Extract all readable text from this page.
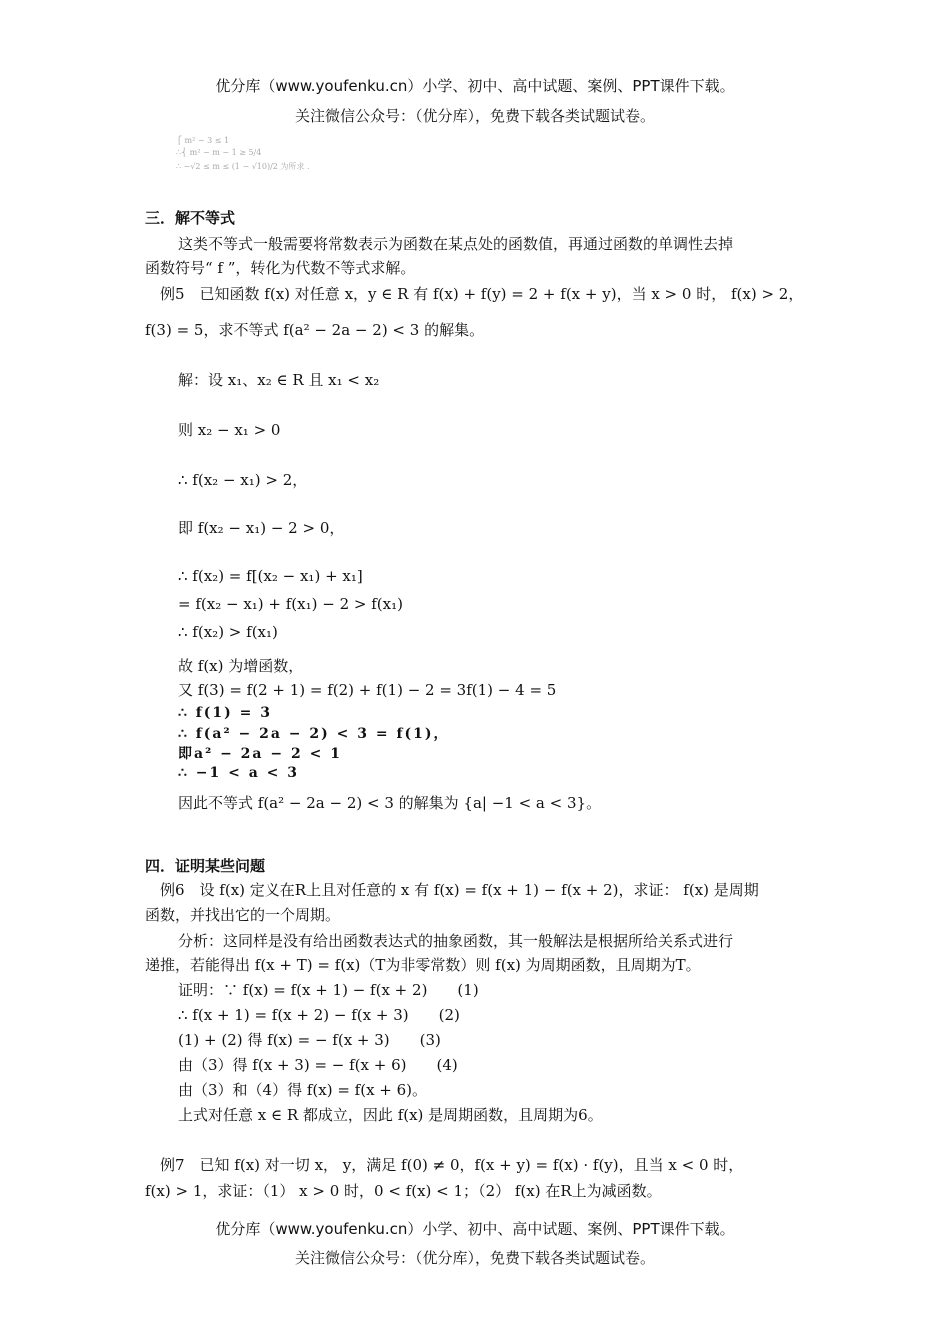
优分库（www.youfenku.cn）小学、初中、高中试题、案例、PPT课件下载。
关注微信公众号：（优分库），免费下载各类试题试卷。
⎧ m² − 3 ≤ 1
∴⎨ m² − m − 1 ≥ 5/4
∴ −√2 ≤ m ≤ (1 − √10)/2 为所求 .
三．解不等式
这类不等式一般需要将常数表示为函数在某点处的函数值，再通过函数的单调性去掉
函数符号“ f ”，转化为代数不等式求解。
例5　已知函数 f(x) 对任意 x，y ∈ R 有 f(x) + f(y) = 2 + f(x + y)，当 x > 0 时， f(x) > 2，
f(3) = 5，求不等式 f(a² − 2a − 2) < 3 的解集。
解：设 x₁、x₂ ∈ R 且 x₁ < x₂
则 x₂ − x₁ > 0
∴ f(x₂ − x₁) > 2，
即 f(x₂ − x₁) − 2 > 0，
∴ f(x₂) = f[(x₂ − x₁) + x₁]
= f(x₂ − x₁) + f(x₁) − 2 > f(x₁)
∴ f(x₂) > f(x₁)
故 f(x) 为增函数，
又 f(3) = f(2 + 1) = f(2) + f(1) − 2 = 3f(1) − 4 = 5
∴ f(1) = 3
∴ f(a² − 2a − 2) < 3 = f(1)，
即a² − 2a − 2 < 1
∴ −1 < a < 3
因此不等式 f(a² − 2a − 2) < 3 的解集为 {a| −1 < a < 3}。
四．证明某些问题
例6　设 f(x) 定义在R上且对任意的 x 有 f(x) = f(x + 1) − f(x + 2)，求证： f(x) 是周期
函数，并找出它的一个周期。
分析：这同样是没有给出函数表达式的抽象函数，其一般解法是根据所给关系式进行
递推，若能得出 f(x + T) = f(x)（T为非零常数）则 f(x) 为周期函数，且周期为T。
证明：∵ f(x) = f(x + 1) − f(x + 2)　　(1)
∴ f(x + 1) = f(x + 2) − f(x + 3)　　(2)
(1) + (2) 得 f(x) = − f(x + 3)　　(3)
由（3）得 f(x + 3) = − f(x + 6)　　(4)
由（3）和（4）得 f(x) = f(x + 6)。
上式对任意 x ∈ R 都成立，因此 f(x) 是周期函数，且周期为6。
例7　已知 f(x) 对一切 x， y，满足 f(0) ≠ 0，f(x + y) = f(x) · f(y)，且当 x < 0 时，
f(x) > 1，求证：（1） x > 0 时，0 < f(x) < 1；（2） f(x) 在R上为减函数。
优分库（www.youfenku.cn）小学、初中、高中试题、案例、PPT课件下载。
关注微信公众号：（优分库），免费下载各类试题试卷。
